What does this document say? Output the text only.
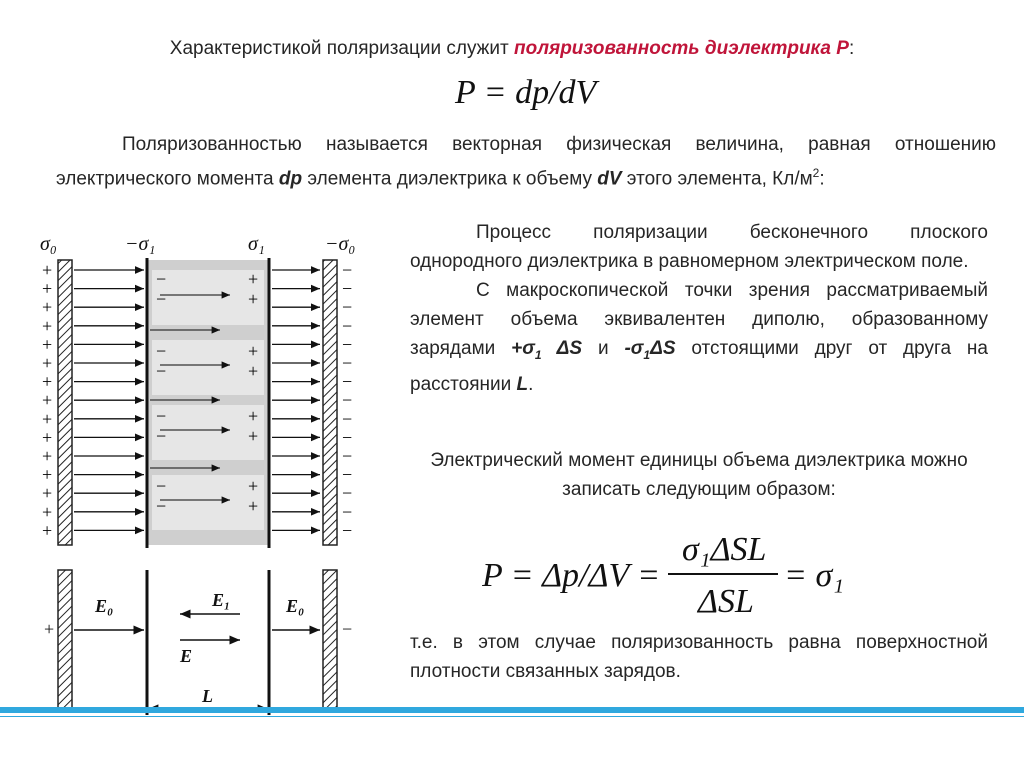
Характеристикой поляризации служит поляризованность диэлектрика Р:
P = dp/dV
Поляризованностью называется векторная физическая величина, равная отношению электрического момента dp элемента диэлектрика к объему dV этого элемента, $Кл/м^2$:

Процесс поляризации бесконечного плоского однородного диэлектрика в равномерном электрическом поле.

С макроскопической точки зрения рассматриваемый элемент объема эквивалентен диполю, образованному зарядами $+\sigma_1$ ΔS и $-\sigma_1\Delta S$ отстоящими друг от друга на расстоянии L.

Электрический момент единицы объема диэлектрика можно записать следующим образом:
P = Δp/ΔV =
σ₁ΔSL
ΔSL
= σ₁
т.е. в этом случае поляризованность равна поверхностной плотности связанных зарядов.
σ₀	−σ₁	σ₁	−σ₀
+	−
+	−
+	−
+	−
+	−
+	−
+	−
+	−
+	−
+	−
+	−
+	−
+	−
+	−
+	−
−	+
−	+
−	+
−	+
−	+
−	+
−	+
−	+
+	−
E₀	E₀
E₁
E
L
